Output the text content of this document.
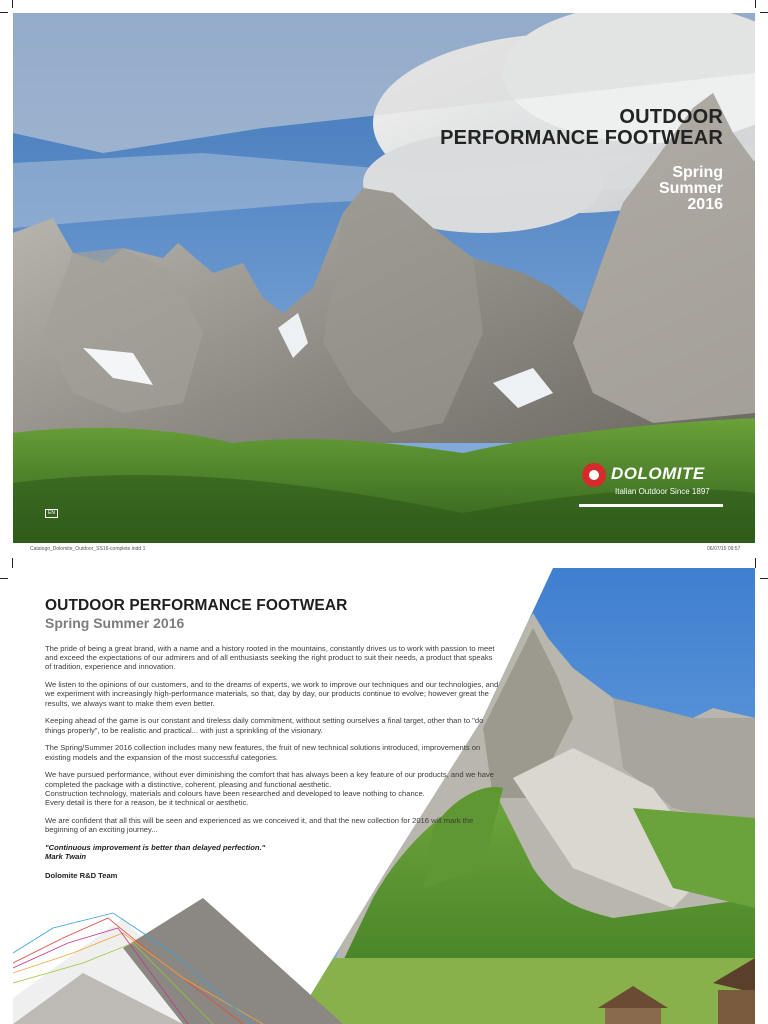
OUTDOOR
PERFORMANCE FOOTWEAR
Spring
Summer
2016
DOLOMITE
Italian Outdoor Since 1897
EN
Catalogo_Dolomite_Outdoor_SS16-complete.indd 1	06/07/15 09:57
OUTDOOR PERFORMANCE FOOTWEAR
Spring Summer 2016

The pride of being a great brand, with a name and a history rooted in the mountains, constantly drives us to work with passion to meet and exceed the expectations of our admirers and of all enthusiasts seeking the right product to suit their needs, a product that speaks of tradition, experience and innovation.

We listen to the opinions of our customers, and to the dreams of experts, we work to improve our techniques and our technologies, and we experiment with increasingly high-performance materials, so that, day by day, our products continue to evolve; however great the results, we always want to make them even better.

Keeping ahead of the game is our constant and tireless daily commitment, without setting ourselves a final target, other than to "do things properly", to be realistic and practical... with just a sprinkling of the visionary.

The Spring/Summer 2016 collection includes many new features, the fruit of new technical solutions introduced, improvements on existing models and the expansion of the most successful categories.

We have pursued performance, without ever diminishing the comfort that has always been a key feature of our products, and we have completed the package with a distinctive, coherent, pleasing and functional aesthetic.
Construction technology, materials and colours have been researched and developed to leave nothing to chance.
Every detail is there for a reason, be it technical or aesthetic.

We are confident that all this will be seen and experienced as we conceived it, and that the new collection for 2016 will mark the beginning of an exciting journey...

"Continuous improvement is better than delayed perfection."
Mark Twain

Dolomite R&D Team
